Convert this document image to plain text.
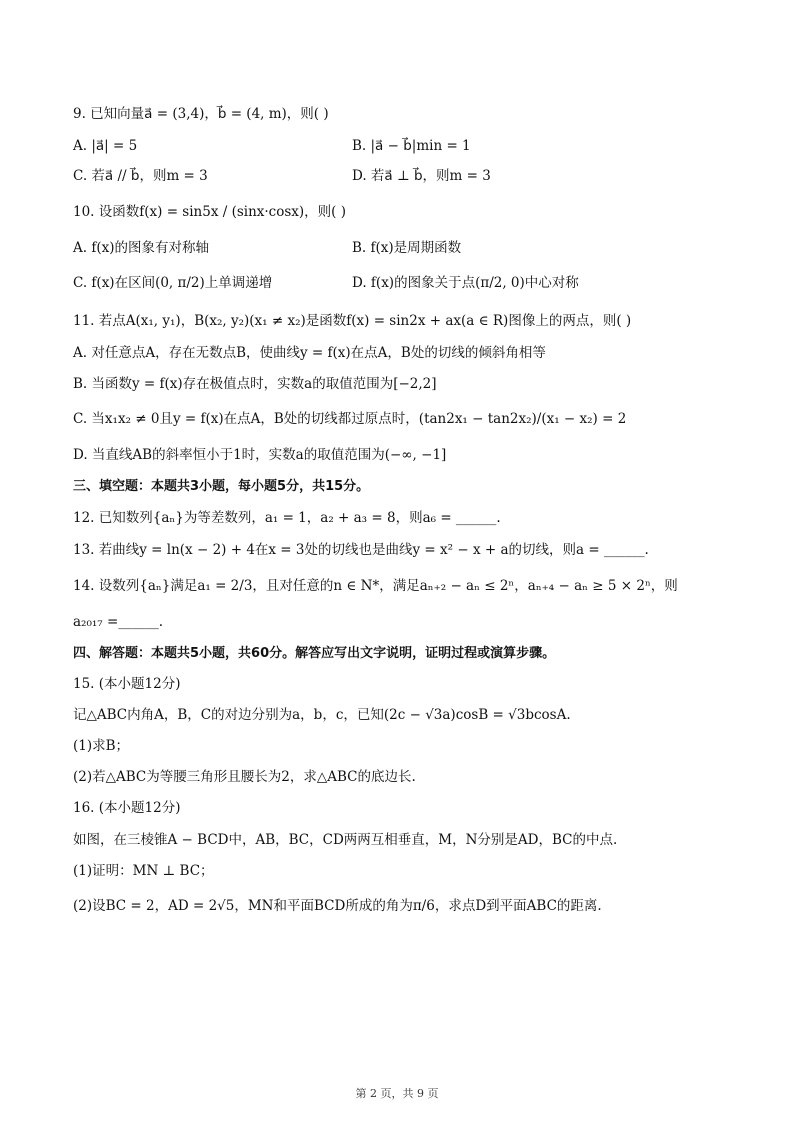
9. 已知向量a⃗ = (3,4)，b⃗ = (4, m)，则( )
A. |a⃗| = 5	B. |a⃗ − b⃗|min = 1
C. 若a⃗ // b⃗，则m = 3	D. 若a⃗ ⊥ b⃗，则m = 3
10. 设函数f(x) = sin5x / (sinx·cosx)，则( )
A. f(x)的图象有对称轴	B. f(x)是周期函数
C. f(x)在区间(0, π/2)上单调递增	D. f(x)的图象关于点(π/2, 0)中心对称
11. 若点A(x₁, y₁)，B(x₂, y₂)(x₁ ≠ x₂)是函数f(x) = sin2x + ax(a ∈ R)图像上的两点，则( )
A. 对任意点A，存在无数点B，使曲线y = f(x)在点A，B处的切线的倾斜角相等
B. 当函数y = f(x)存在极值点时，实数a的取值范围为[−2,2]
C. 当x₁x₂ ≠ 0且y = f(x)在点A，B处的切线都过原点时，(tan2x₁ − tan2x₂)/(x₁ − x₂) = 2
D. 当直线AB的斜率恒小于1时，实数a的取值范围为(−∞, −1]
三、填空题：本题共3小题，每小题5分，共15分。
12. 已知数列{aₙ}为等差数列，a₁ = 1，a₂ + a₃ = 8，则a₆ = ______.
13. 若曲线y = ln(x − 2) + 4在x = 3处的切线也是曲线y = x² − x + a的切线，则a = ______.
14. 设数列{aₙ}满足a₁ = 2/3，且对任意的n ∈ N*，满足aₙ₊₂ − aₙ ≤ 2ⁿ，aₙ₊₄ − aₙ ≥ 5 × 2ⁿ，则
a₂₀₁₇ =______.
四、解答题：本题共5小题，共60分。解答应写出文字说明，证明过程或演算步骤。
15. (本小题12分)
记△ABC内角A，B，C的对边分别为a，b，c，已知(2c − √3a)cosB = √3bcosA.
(1)求B；
(2)若△ABC为等腰三角形且腰长为2，求△ABC的底边长.
16. (本小题12分)
如图，在三棱锥A − BCD中，AB，BC，CD两两互相垂直，M，N分别是AD，BC的中点.
(1)证明：MN ⊥ BC；
(2)设BC = 2，AD = 2√5，MN和平面BCD所成的角为π/6，求点D到平面ABC的距离.
第 2 页，共 9 页
